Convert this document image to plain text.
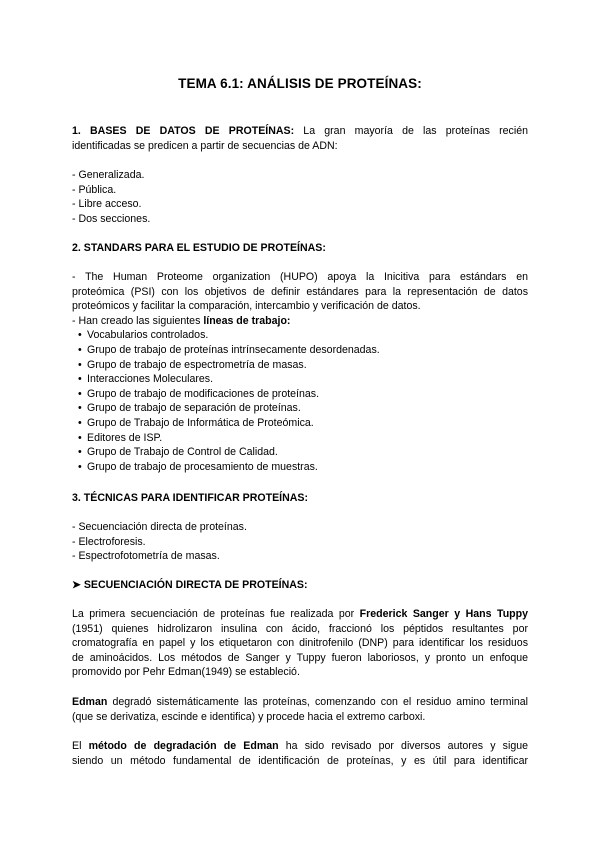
TEMA 6.1: ANÁLISIS DE PROTEÍNAS:
1. BASES DE DATOS DE PROTEÍNAS: La gran mayoría de las proteínas recién
identificadas se predicen a partir de secuencias de ADN:
- Generalizada.
- Pública.
- Libre acceso.
- Dos secciones.
2. STANDARS PARA EL ESTUDIO DE PROTEÍNAS:
- The Human Proteome organization (HUPO) apoya la Inicitiva para estándars en
proteómica (PSI) con los objetivos de definir estándares para la representación de datos
proteómicos y facilitar la comparación, intercambio y verificación de datos.
- Han creado las siguientes líneas de trabajo:
• Vocabularios controlados.
• Grupo de trabajo de proteínas intrínsecamente desordenadas.
• Grupo de trabajo de espectrometría de masas.
• Interacciones Moleculares.
• Grupo de trabajo de modificaciones de proteínas.
• Grupo de trabajo de separación de proteínas.
• Grupo de Trabajo de Informática de Proteómica.
• Editores de ISP.
• Grupo de Trabajo de Control de Calidad.
• Grupo de trabajo de procesamiento de muestras.
3. TÉCNICAS PARA IDENTIFICAR PROTEÍNAS:
- Secuenciación directa de proteínas.
- Electroforesis.
- Espectrofotometría de masas.
➤ SECUENCIACIÓN DIRECTA DE PROTEÍNAS:
La primera secuenciación de proteínas fue realizada por Frederick Sanger y Hans Tuppy
(1951) quienes hidrolizaron insulina con ácido, fraccionó los péptidos resultantes por
cromatografía en papel y los etiquetaron con dinitrofenilo (DNP) para identificar los residuos
de aminoácidos. Los métodos de Sanger y Tuppy fueron laboriosos, y pronto un enfoque
promovido por Pehr Edman(1949) se estableció.
Edman degradó sistemáticamente las proteínas, comenzando con el residuo amino terminal
(que se derivatiza, escinde e identifica) y procede hacia el extremo carboxi.
El método de degradación de Edman ha sido revisado por diversos autores y sigue
siendo un método fundamental de identificación de proteínas, y es útil para identificar
